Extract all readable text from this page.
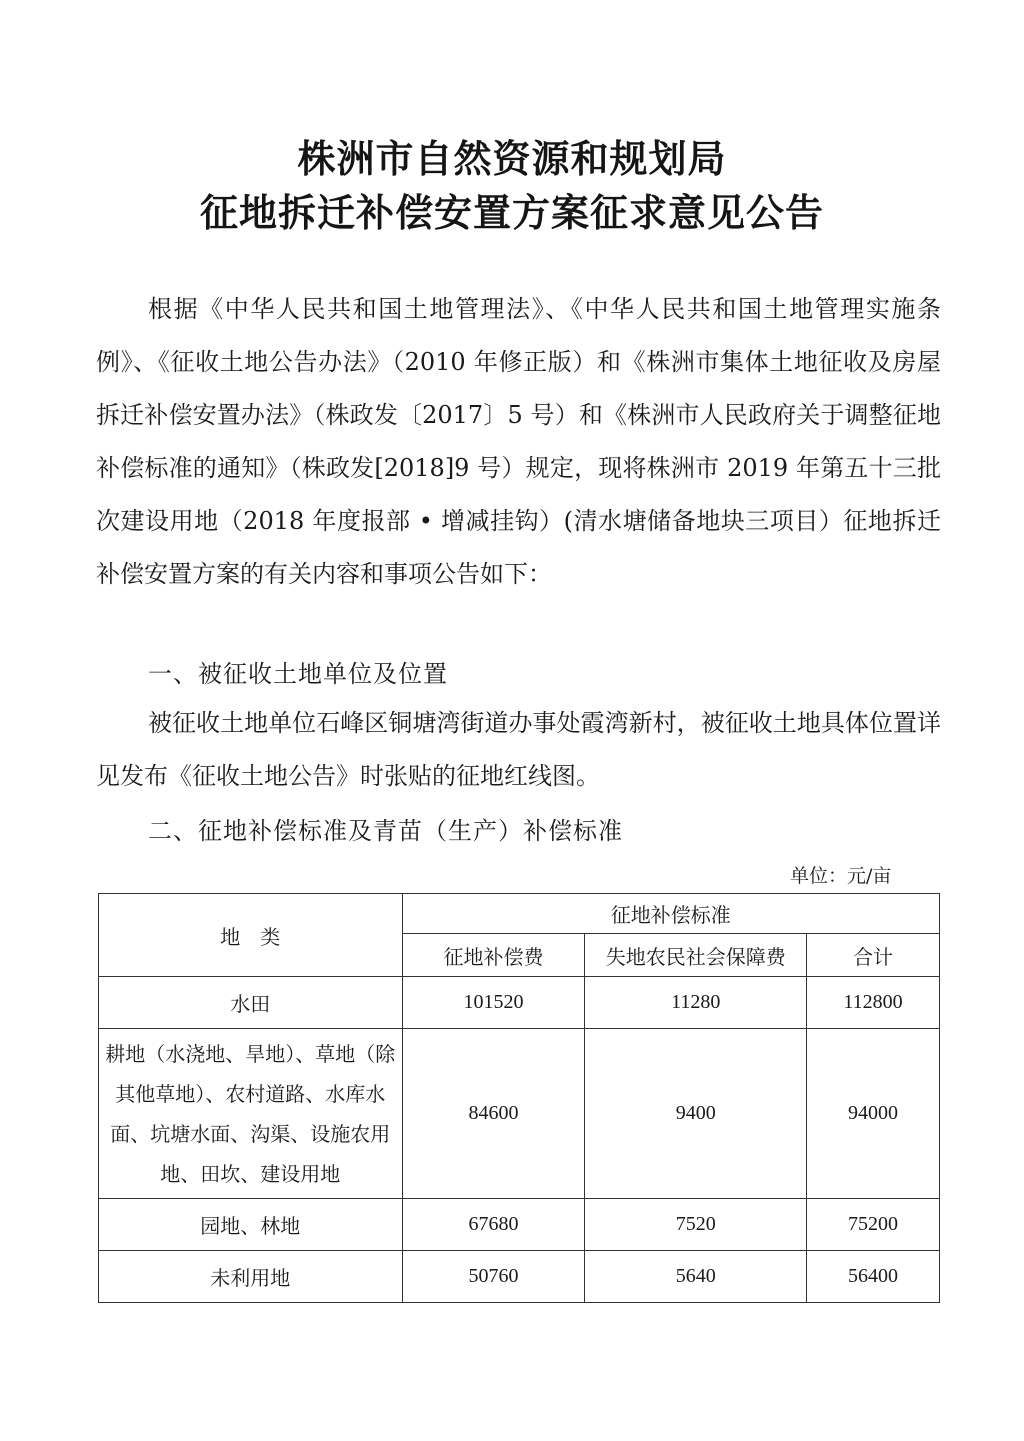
株洲市自然资源和规划局
征地拆迁补偿安置方案征求意见公告
根据《中华人民共和国土地管理法》、《中华人民共和国土地管理实施条例》、《征收土地公告办法》（2010 年修正版）和《株洲市集体土地征收及房屋拆迁补偿安置办法》（株政发〔2017〕5 号）和《株洲市人民政府关于调整征地补偿标准的通知》（株政发[2018]9 号）规定，现将株洲市 2019 年第五十三批次建设用地（2018 年度报部 • 增减挂钩）(清水塘储备地块三项目）征地拆迁补偿安置方案的有关内容和事项公告如下：
一、被征收土地单位及位置
被征收土地单位石峰区铜塘湾街道办事处霞湾新村，被征收土地具体位置详见发布《征收土地公告》时张贴的征地红线图。
二、征地补偿标准及青苗（生产）补偿标准
单位：元/亩
地　类	征地补偿标准		
	征地补偿费	失地农民社会保障费	合计
水田	101520	11280	112800
耕地（水浇地、旱地）、草地（除其他草地）、农村道路、水库水面、坑塘水面、沟渠、设施农用地、田坎、建设用地	84600	9400	94000
园地、林地	67680	7520	75200
未利用地	50760	5640	56400
